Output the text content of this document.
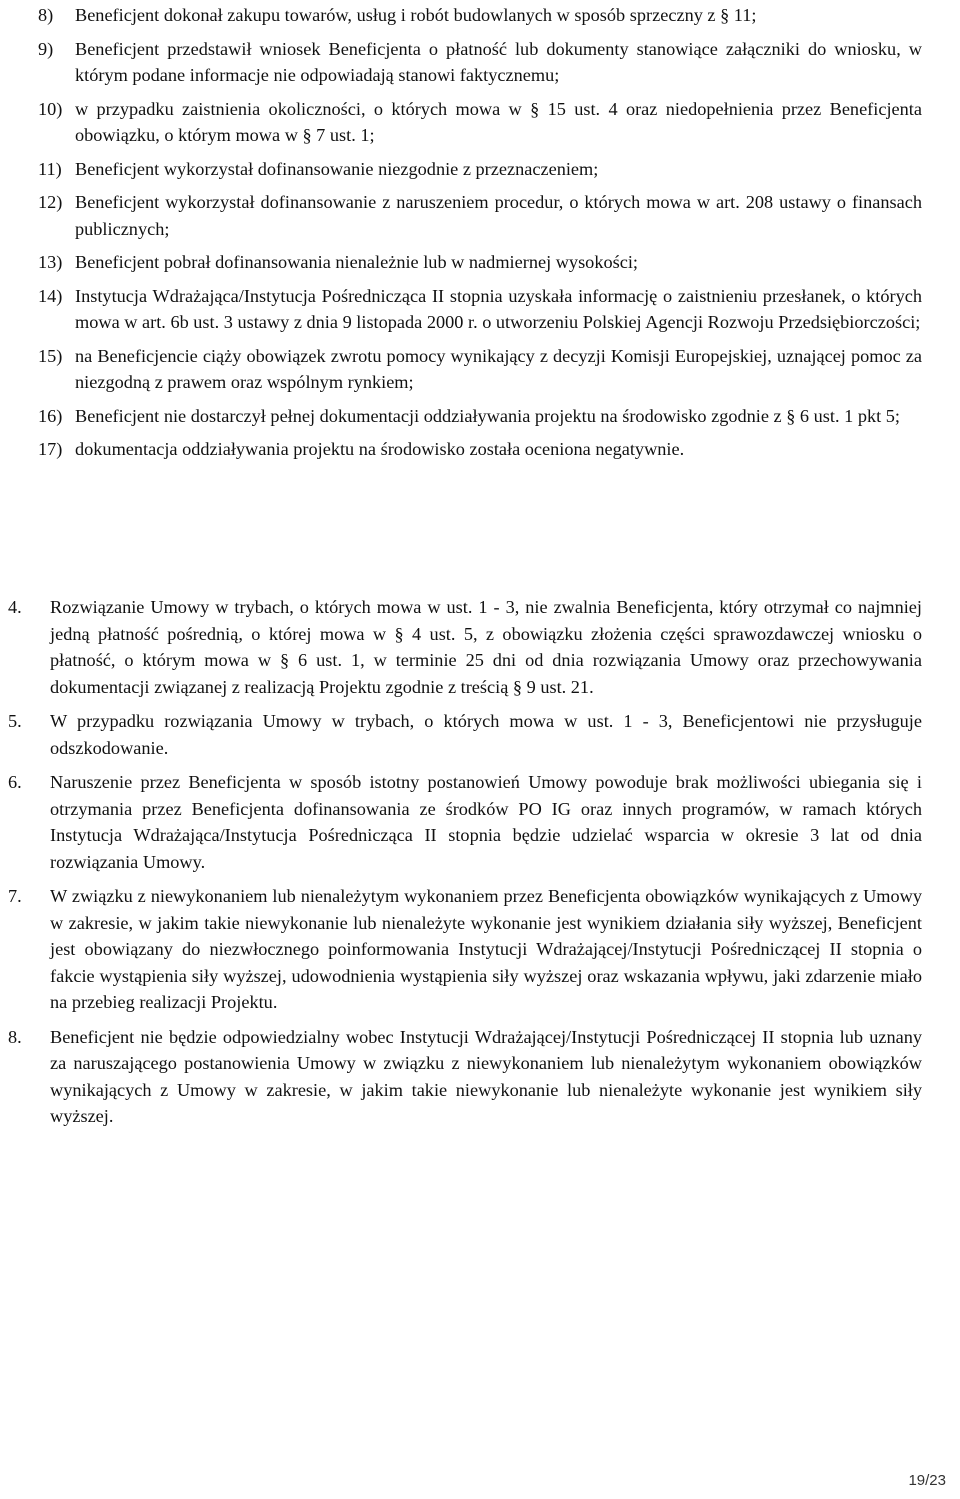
8)	Beneficjent dokonał zakupu towarów, usług i robót budowlanych w sposób sprzeczny z § 11;
9)	Beneficjent przedstawił wniosek Beneficjenta o płatność lub dokumenty stanowiące załączniki do wniosku, w którym podane informacje nie odpowiadają stanowi faktycznemu;
10) w przypadku zaistnienia okoliczności, o których mowa w § 15 ust. 4 oraz niedopełnienia przez Beneficjenta obowiązku, o którym mowa w § 7 ust. 1;
11) Beneficjent wykorzystał dofinansowanie niezgodnie z przeznaczeniem;
12) Beneficjent wykorzystał dofinansowanie z naruszeniem procedur, o których mowa w art. 208 ustawy o finansach publicznych;
13) Beneficjent pobrał dofinansowania nienależnie lub w nadmiernej wysokości;
14) Instytucja Wdrażająca/Instytucja Pośrednicząca II stopnia uzyskała informację o zaistnieniu przesłanek, o których mowa w art. 6b ust. 3 ustawy z dnia 9 listopada 2000 r. o utworzeniu Polskiej Agencji Rozwoju Przedsiębiorczości;
15) na Beneficjencie ciąży obowiązek zwrotu pomocy wynikający z decyzji Komisji Europejskiej, uznającej pomoc za niezgodną z prawem oraz wspólnym rynkiem;
16) Beneficjent nie dostarczył pełnej dokumentacji oddziaływania projektu na środowisko zgodnie z § 6 ust. 1 pkt 5;
17) dokumentacja oddziaływania projektu na środowisko została oceniona negatywnie.
4.	Rozwiązanie Umowy w trybach, o których mowa w ust. 1 - 3, nie zwalnia Beneficjenta, który otrzymał co najmniej jedną płatność pośrednią, o której mowa w § 4 ust. 5, z obowiązku złożenia części sprawozdawczej wniosku o płatność, o którym mowa w § 6 ust. 1, w terminie 25 dni od dnia rozwiązania Umowy oraz przechowywania dokumentacji związanej z realizacją Projektu zgodnie z treścią § 9 ust. 21.
5.	W przypadku rozwiązania Umowy w trybach, o których mowa w ust. 1 - 3, Beneficjentowi nie przysługuje odszkodowanie.
6.	Naruszenie przez Beneficjenta w sposób istotny postanowień Umowy powoduje brak możliwości ubiegania się i otrzymania przez Beneficjenta dofinansowania ze środków PO IG oraz innych programów, w ramach których Instytucja Wdrażająca/Instytucja Pośrednicząca II stopnia będzie udzielać wsparcia w okresie 3 lat od dnia rozwiązania Umowy.
7.	W związku z niewykonaniem lub nienależytym wykonaniem przez Beneficjenta obowiązków wynikających z Umowy w zakresie, w jakim takie niewykonanie lub nienależyte wykonanie jest wynikiem działania siły wyższej, Beneficjent jest obowiązany do niezwłocznego poinformowania Instytucji Wdrażającej/Instytucji Pośredniczącej II stopnia o fakcie wystąpienia siły wyższej, udowodnienia wystąpienia siły wyższej oraz wskazania wpływu, jaki zdarzenie miało na przebieg realizacji Projektu.
8.	Beneficjent nie będzie odpowiedzialny wobec Instytucji Wdrażającej/Instytucji Pośredniczącej II stopnia lub uznany za naruszającego postanowienia Umowy w związku z niewykonaniem lub nienależytym wykonaniem obowiązków wynikających z Umowy w zakresie, w jakim takie niewykonanie lub nienależyte wykonanie jest wynikiem siły wyższej.
19/23
